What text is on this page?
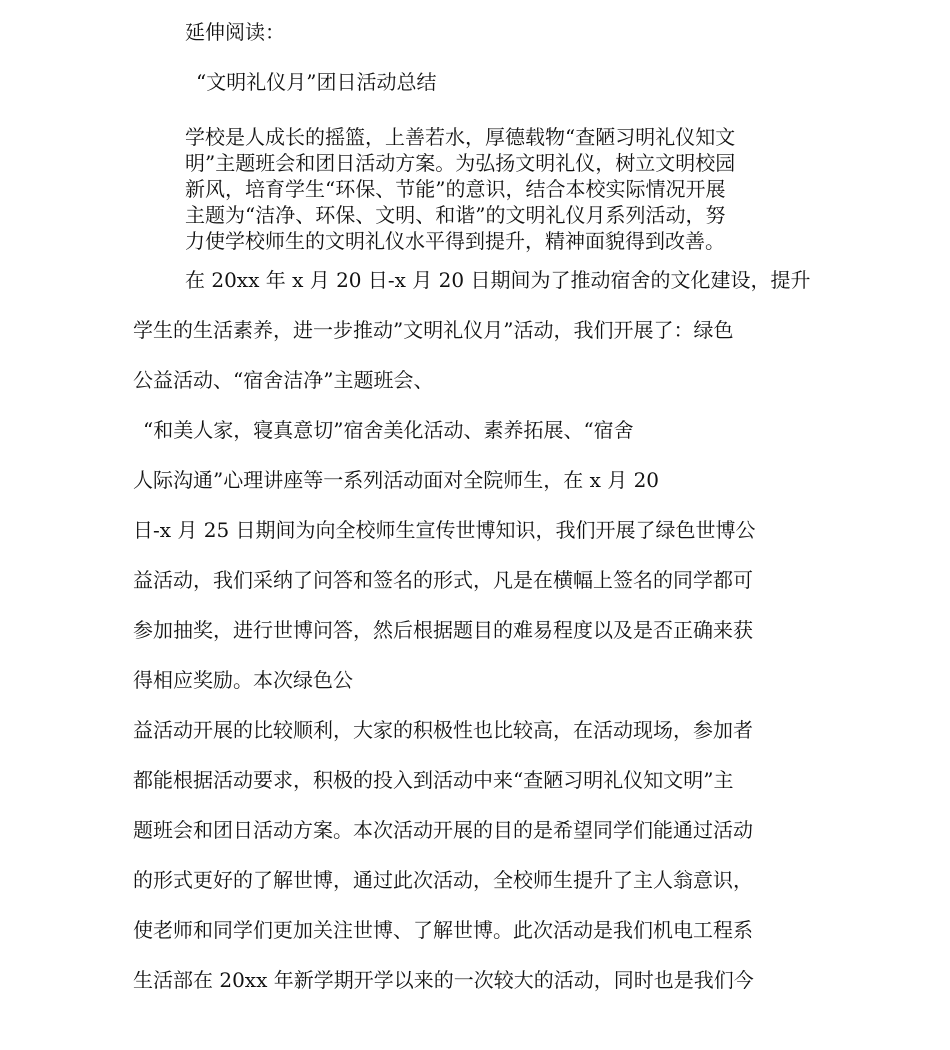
延伸阅读：

“文明礼仪月”团日活动总结

学校是人成长的摇篮，上善若水，厚德载物“查陋习明礼仪知文

明”主题班会和团日活动方案。为弘扬文明礼仪，树立文明校园

新风，培育学生“环保、节能”的意识，结合本校实际情况开展

主题为“洁净、环保、文明、和谐”的文明礼仪月系列活动，努

力使学校师生的文明礼仪水平得到提升，精神面貌得到改善。

在 20xx 年 x 月 20 日-x 月 20 日期间为了推动宿舍的文化建设，提升

学生的生活素养，进一步推动”文明礼仪月”活动，我们开展了：绿色

公益活动、“宿舍洁净”主题班会、

“和美人家，寝真意切”宿舍美化活动、素养拓展、“宿舍

人际沟通”心理讲座等一系列活动面对全院师生，在 x 月 20

日-x 月 25 日期间为向全校师生宣传世博知识，我们开展了绿色世博公

益活动，我们采纳了问答和签名的形式，凡是在横幅上签名的同学都可

参加抽奖，进行世博问答，然后根据题目的难易程度以及是否正确来获

得相应奖励。本次绿色公

益活动开展的比较顺利，大家的积极性也比较高，在活动现场，参加者

都能根据活动要求，积极的投入到活动中来“查陋习明礼仪知文明”主

题班会和团日活动方案。本次活动开展的目的是希望同学们能通过活动

的形式更好的了解世博，通过此次活动，全校师生提升了主人翁意识，

使老师和同学们更加关注世博、了解世博。此次活动是我们机电工程系

生活部在 20xx 年新学期开学以来的一次较大的活动，同时也是我们今
